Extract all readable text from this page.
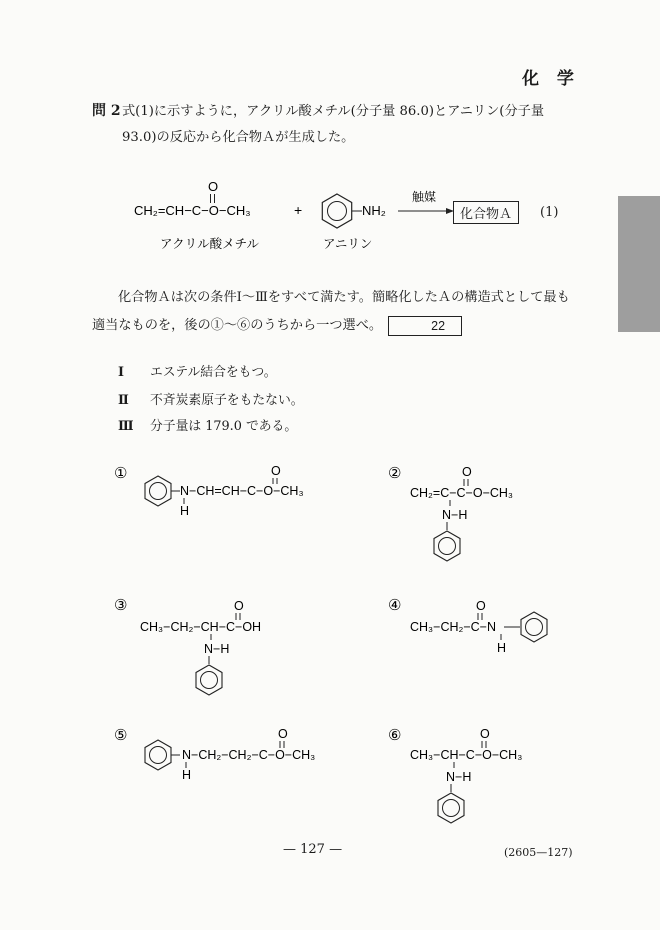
化 学
問 2 式(1)に示すように，アクリル酸メチル(分子量 86.0)とアニリン(分子量 93.0)の反応から化合物Ａが生成した。
CH₂=CH−C−O−CH₃
O
+	NH₂
触媒
アクリル酸メチル	アニリン
化合物Ａ	(1)
化合物Ａは次の条件Ⅰ～Ⅲをすべて満たす。簡略化したＡの構造式として最も適当なものを，後の①～⑥のうちから一つ選べ。	22
Ⅰ エステル結合をもつ。
Ⅱ 不斉炭素原子をもたない。
Ⅲ 分子量は 179.0 である。
①
N−CH=CH−C−O−CH₃
O
H
②
CH₂=C−C−O−CH₃
O
N−H
③
CH₃−CH₂−CH−C−OH
O
N−H
④
CH₃−CH₂−C−N
O
H
⑤
N−CH₂−CH₂−C−O−CH₃
O
H
⑥
CH₃−CH−C−O−CH₃
O
N−H
— 127 —	(2605—127)
